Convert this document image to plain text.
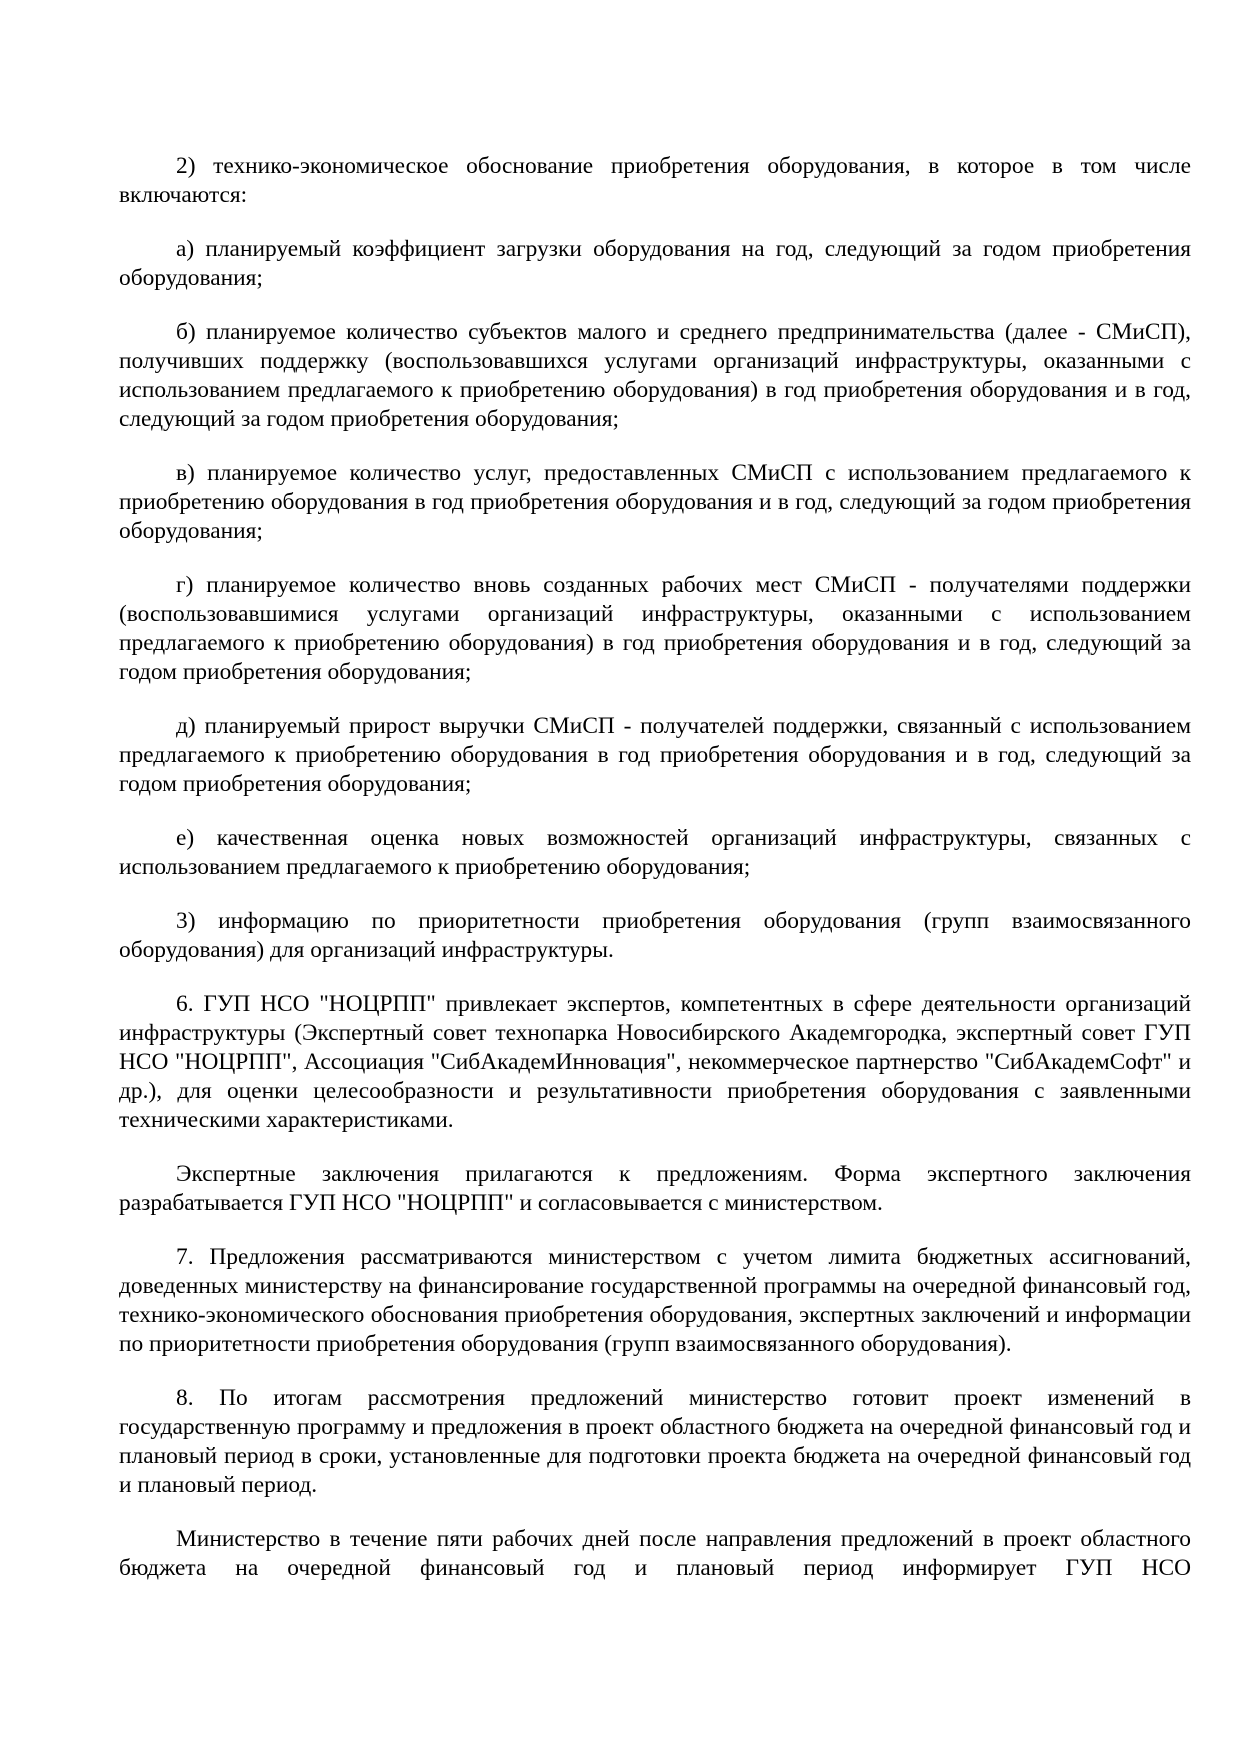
2) технико-экономическое обоснование приобретения оборудования, в которое в том числе включаются:

а) планируемый коэффициент загрузки оборудования на год, следующий за годом приобретения оборудования;

б) планируемое количество субъектов малого и среднего предпринимательства (далее - СМиСП), получивших поддержку (воспользовавшихся услугами организаций инфраструктуры, оказанными с использованием предлагаемого к приобретению оборудования) в год приобретения оборудования и в год, следующий за годом приобретения оборудования;

в) планируемое количество услуг, предоставленных СМиСП с использованием предлагаемого к приобретению оборудования в год приобретения оборудования и в год, следующий за годом приобретения оборудования;

г) планируемое количество вновь созданных рабочих мест СМиСП - получателями поддержки (воспользовавшимися услугами организаций инфраструктуры, оказанными с использованием предлагаемого к приобретению оборудования) в год приобретения оборудования и в год, следующий за годом приобретения оборудования;

д) планируемый прирост выручки СМиСП - получателей поддержки, связанный с использованием предлагаемого к приобретению оборудования в год приобретения оборудования и в год, следующий за годом приобретения оборудования;

е) качественная оценка новых возможностей организаций инфраструктуры, связанных с использованием предлагаемого к приобретению оборудования;

3) информацию по приоритетности приобретения оборудования (групп взаимосвязанного оборудования) для организаций инфраструктуры.

6. ГУП НСО "НОЦРПП" привлекает экспертов, компетентных в сфере деятельности организаций инфраструктуры (Экспертный совет технопарка Новосибирского Академгородка, экспертный совет ГУП НСО "НОЦРПП", Ассоциация "СибАкадемИнновация", некоммерческое партнерство "СибАкадемСофт" и др.), для оценки целесообразности и результативности приобретения оборудования с заявленными техническими характеристиками.

Экспертные заключения прилагаются к предложениям. Форма экспертного заключения разрабатывается ГУП НСО "НОЦРПП" и согласовывается с министерством.

7. Предложения рассматриваются министерством с учетом лимита бюджетных ассигнований, доведенных министерству на финансирование государственной программы на очередной финансовый год, технико-экономического обоснования приобретения оборудования, экспертных заключений и информации по приоритетности приобретения оборудования (групп взаимосвязанного оборудования).

8. По итогам рассмотрения предложений министерство готовит проект изменений в государственную программу и предложения в проект областного бюджета на очередной финансовый год и плановый период в сроки, установленные для подготовки проекта бюджета на очередной финансовый год и плановый период.

Министерство в течение пяти рабочих дней после направления предложений в проект областного бюджета на очередной финансовый год и плановый период информирует ГУП НСО
